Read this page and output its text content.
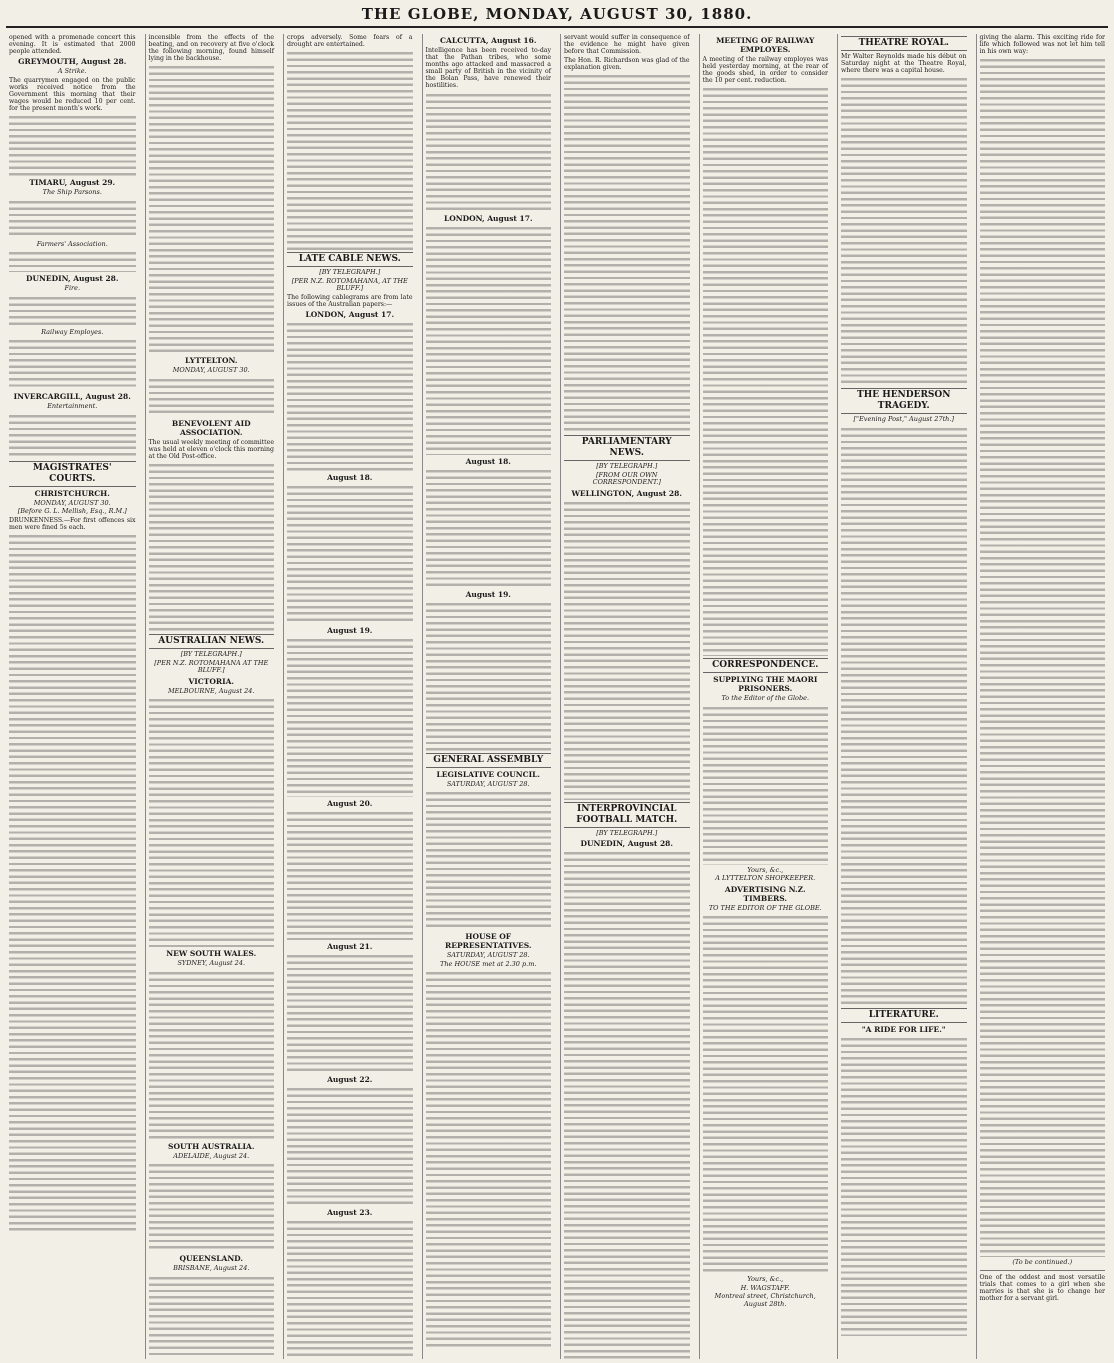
THE GLOBE, MONDAY, AUGUST 30, 1880.

opened with a promenade concert this evening. It is estimated that 2000 people attended.

GREYMOUTH, August 28.
A Strike.

The quarrymen engaged on the public works received notice from the Government this morning that their wages would be reduced 10 per cent. for the present month's work.

TIMARU, August 29.
The Ship Parsons.
Farmers' Association.
DUNEDIN, August 28.
Fire.
Railway Employes.
INVERCARGILL, August 28.
Entertainment.
MAGISTRATES' COURTS.
CHRISTCHURCH.
MONDAY, AUGUST 30.
[Before G. L. Mellish, Esq., R.M.]

DRUNKENNESS.—For first offences six men were fined 5s each.

incensible from the effects of the beating, and on recovery at five o'clock the following morning, found himself lying in the backhouse.

LYTTELTON.
MONDAY, AUGUST 30.
BENEVOLENT AID ASSOCIATION.

The usual weekly meeting of committee was held at eleven o'clock this morning at the Old Post-office.

AUSTRALIAN NEWS.
[BY TELEGRAPH.]
[PER N.Z. ROTOMAHANA AT THE BLUFF.]
VICTORIA.
MELBOURNE, August 24.
NEW SOUTH WALES.
SYDNEY, August 24.
SOUTH AUSTRALIA.
ADELAIDE, August 24.
QUEENSLAND.
BRISBANE, August 24.

crops adversely. Some fears of a drought are entertained.

LATE CABLE NEWS.
[BY TELEGRAPH.]
[PER N.Z. ROTOMAHANA, AT THE BLUFF.]

The following cablegrams are from late issues of the Australian papers:—

LONDON, August 17.
August 18.
August 19.
August 20.
August 21.
August 22.
August 23.
CALCUTTA, August 16.

Intelligence has been received to-day that the Pathan tribes, who some months ago attacked and massacred a small party of British in the vicinity of the Bolan Pass, have renewed their hostilities.

LONDON, August 17.
August 18.
August 19.
GENERAL ASSEMBLY
LEGISLATIVE COUNCIL.
SATURDAY, AUGUST 28.
HOUSE OF REPRESENTATIVES.
SATURDAY, AUGUST 28.
The HOUSE met at 2.30 p.m.

servant would suffer in consequence of the evidence he might have given before that Commission.

The Hon. R. Richardson was glad of the explanation given.

PARLIAMENTARY NEWS.
[BY TELEGRAPH.]
[FROM OUR OWN CORRESPONDENT.]
WELLINGTON, August 28.
INTERPROVINCIAL FOOTBALL MATCH.
[BY TELEGRAPH.]
DUNEDIN, August 28.
MEETING OF RAILWAY EMPLOYES.

A meeting of the railway employes was held yesterday morning, at the rear of the goods shed, in order to consider the 10 per cent. reduction.

CORRESPONDENCE.
SUPPLYING THE MAORI PRISONERS.
To the Editor of the Globe.
Yours, &c.,
A LYTTELTON SHOPKEEPER.
ADVERTISING N.Z. TIMBERS.
TO THE EDITOR OF THE GLOBE.
Yours, &c.,
H. WAGSTAFF.
Montreal street, Christchurch, August 28th.
THEATRE ROYAL.

Mr Walter Reynolds made his début on Saturday night at the Theatre Royal, where there was a capital house.

THE HENDERSON TRAGEDY.
["Evening Post," August 27th.]
LITERATURE.
"A RIDE FOR LIFE."

giving the alarm. This exciting ride for life which followed was not let him tell in his own way:

(To be continued.)

One of the oddest and most versatile trials that comes to a girl when she marries is that she is to change her mother for a servant girl.
